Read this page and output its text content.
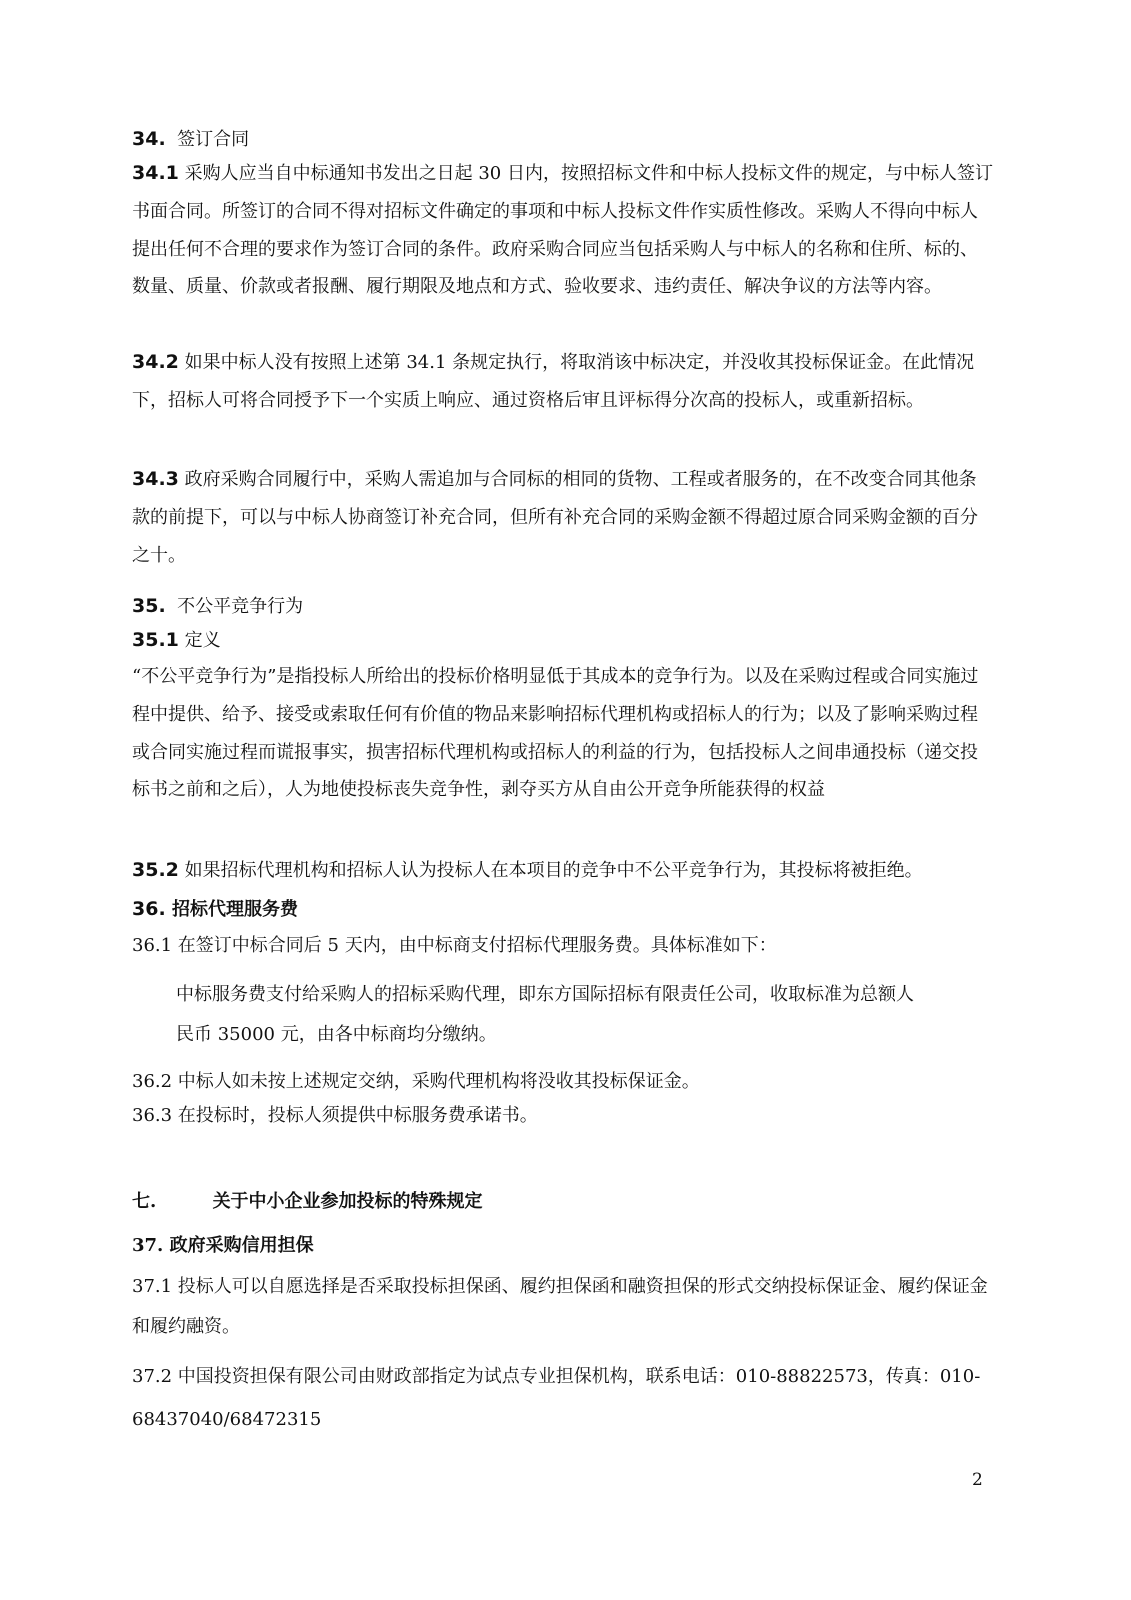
34. 签订合同

34.1 采购人应当自中标通知书发出之日起 30 日内，按照招标文件和中标人投标文件的规定，与中标人签订书面合同。所签订的合同不得对招标文件确定的事项和中标人投标文件作实质性修改。采购人不得向中标人提出任何不合理的要求作为签订合同的条件。政府采购合同应当包括采购人与中标人的名称和住所、标的、数量、质量、价款或者报酬、履行期限及地点和方式、验收要求、违约责任、解决争议的方法等内容。

34.2 如果中标人没有按照上述第 34.1 条规定执行，将取消该中标决定，并没收其投标保证金。在此情况下，招标人可将合同授予下一个实质上响应、通过资格后审且评标得分次高的投标人，或重新招标。

34.3 政府采购合同履行中，采购人需追加与合同标的相同的货物、工程或者服务的，在不改变合同其他条款的前提下，可以与中标人协商签订补充合同，但所有补充合同的采购金额不得超过原合同采购金额的百分之十。

35. 不公平竞争行为

35.1 定义

“不公平竞争行为”是指投标人所给出的投标价格明显低于其成本的竞争行为。以及在采购过程或合同实施过程中提供、给予、接受或索取任何有价值的物品来影响招标代理机构或招标人的行为；以及了影响采购过程或合同实施过程而谎报事实，损害招标代理机构或招标人的利益的行为，包括投标人之间串通投标（递交投标书之前和之后），人为地使投标丧失竞争性，剥夺买方从自由公开竞争所能获得的权益

35.2 如果招标代理机构和招标人认为投标人在本项目的竞争中不公平竞争行为，其投标将被拒绝。

36. 招标代理服务费

36.1 在签订中标合同后 5 天内，由中标商支付招标代理服务费。具体标准如下：

中标服务费支付给采购人的招标采购代理，即东方国际招标有限责任公司，收取标准为总额人
民币 35000 元，由各中标商均分缴纳。

36.2 中标人如未按上述规定交纳，采购代理机构将没收其投标保证金。

36.3 在投标时，投标人须提供中标服务费承诺书。

七.	关于中小企业参加投标的特殊规定

37. 政府采购信用担保

37.1 投标人可以自愿选择是否采取投标担保函、履约担保函和融资担保的形式交纳投标保证金、履约保证金和履约融资。

37.2 中国投资担保有限公司由财政部指定为试点专业担保机构，联系电话：010-88822573，传真：010-68437040/68472315

2
